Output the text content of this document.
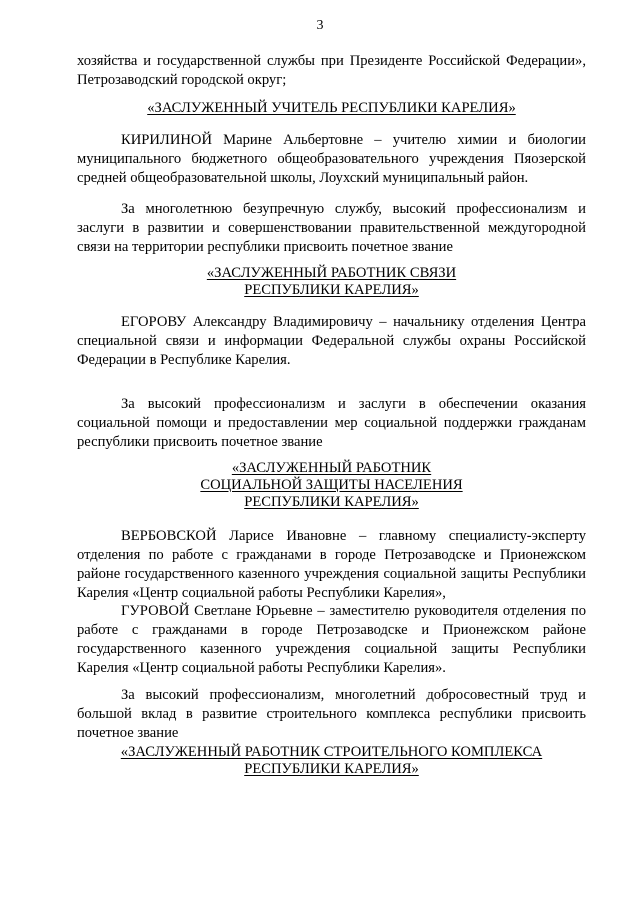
3

хозяйства и государственной службы при Президенте Российской Федерации», Петрозаводский городской округ;

«ЗАСЛУЖЕННЫЙ УЧИТЕЛЬ РЕСПУБЛИКИ КАРЕЛИЯ»

КИРИЛИНОЙ Марине Альбертовне – учителю химии и биологии муниципального бюджетного общеобразовательного учреждения Пяозерской средней общеобразовательной школы, Лоухский муниципальный район.

За многолетнюю безупречную службу, высокий профессионализм и заслуги в развитии и совершенствовании правительственной междугородной связи на территории республики присвоить почетное звание

«ЗАСЛУЖЕННЫЙ РАБОТНИК СВЯЗИ
РЕСПУБЛИКИ КАРЕЛИЯ»

ЕГОРОВУ Александру Владимировичу – начальнику отделения Центра специальной связи и информации Федеральной службы охраны Российской Федерации в Республике Карелия.

За высокий профессионализм и заслуги в обеспечении оказания социальной помощи и предоставлении мер социальной поддержки гражданам республики присвоить почетное звание

«ЗАСЛУЖЕННЫЙ РАБОТНИК
СОЦИАЛЬНОЙ ЗАЩИТЫ НАСЕЛЕНИЯ
РЕСПУБЛИКИ КАРЕЛИЯ»

ВЕРБОВСКОЙ Ларисе Ивановне – главному специалисту-эксперту отделения по работе с гражданами в городе Петрозаводске и Прионежском районе государственного казенного учреждения социальной защиты Республики Карелия «Центр социальной работы Республики Карелия»,

ГУРОВОЙ Светлане Юрьевне – заместителю руководителя отделения по работе с гражданами в городе Петрозаводске и Прионежском районе государственного казенного учреждения социальной защиты Республики Карелия «Центр социальной работы Республики Карелия».

За высокий профессионализм, многолетний добросовестный труд и большой вклад в развитие строительного комплекса республики присвоить почетное звание

«ЗАСЛУЖЕННЫЙ РАБОТНИК СТРОИТЕЛЬНОГО КОМПЛЕКСА
РЕСПУБЛИКИ КАРЕЛИЯ»
